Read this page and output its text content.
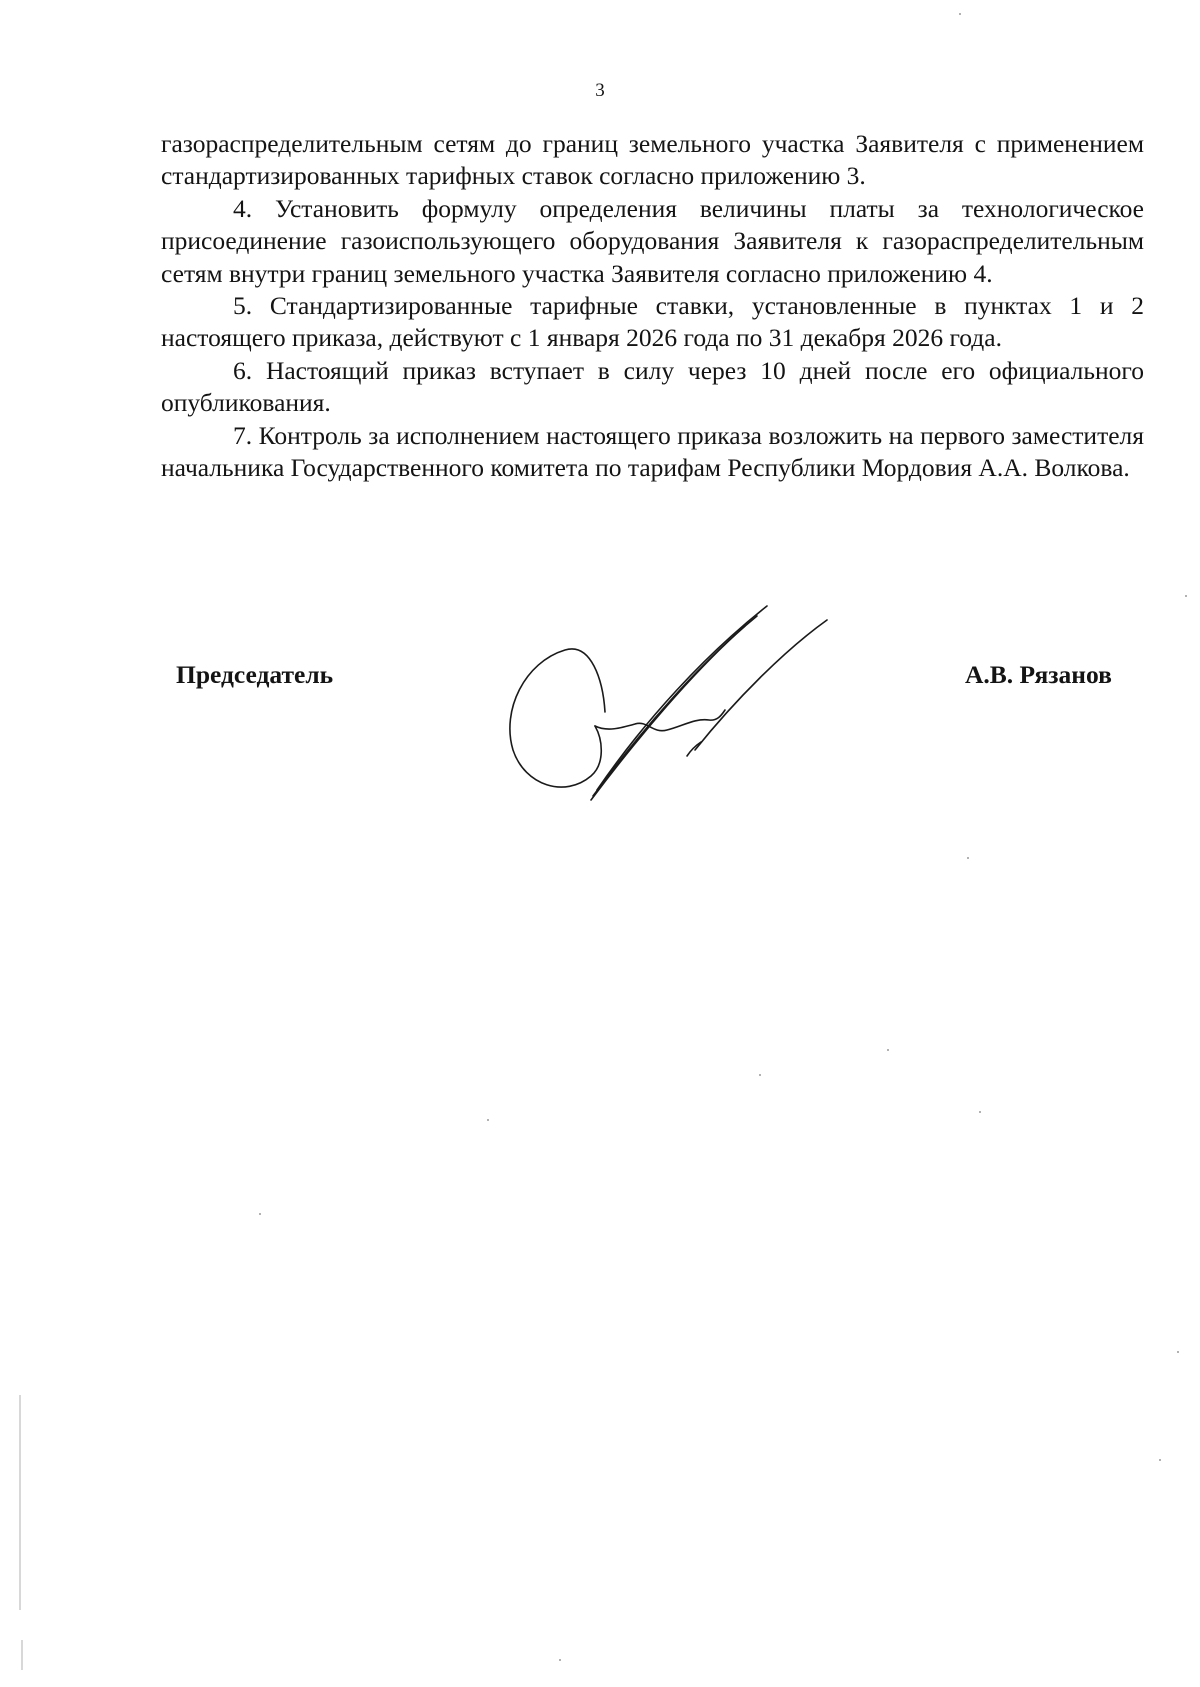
3

газораспределительным сетям до границ земельного участка Заявителя с применением стандартизированных тарифных ставок согласно приложению 3.

4. Установить формулу определения величины платы за технологическое присоединение газоиспользующего оборудования Заявителя к газораспределительным сетям внутри границ земельного участка Заявителя согласно приложению 4.

5. Стандартизированные тарифные ставки, установленные в пунктах 1 и 2 настоящего приказа, действуют с 1 января 2026 года по 31 декабря 2026 года.

6. Настоящий приказ вступает в силу через 10 дней после его официального опубликования.

7. Контроль за исполнением настоящего приказа возложить на первого заместителя начальника Государственного комитета по тарифам Республики Мордовия А.А. Волкова.

Председатель	А.В. Рязанов
